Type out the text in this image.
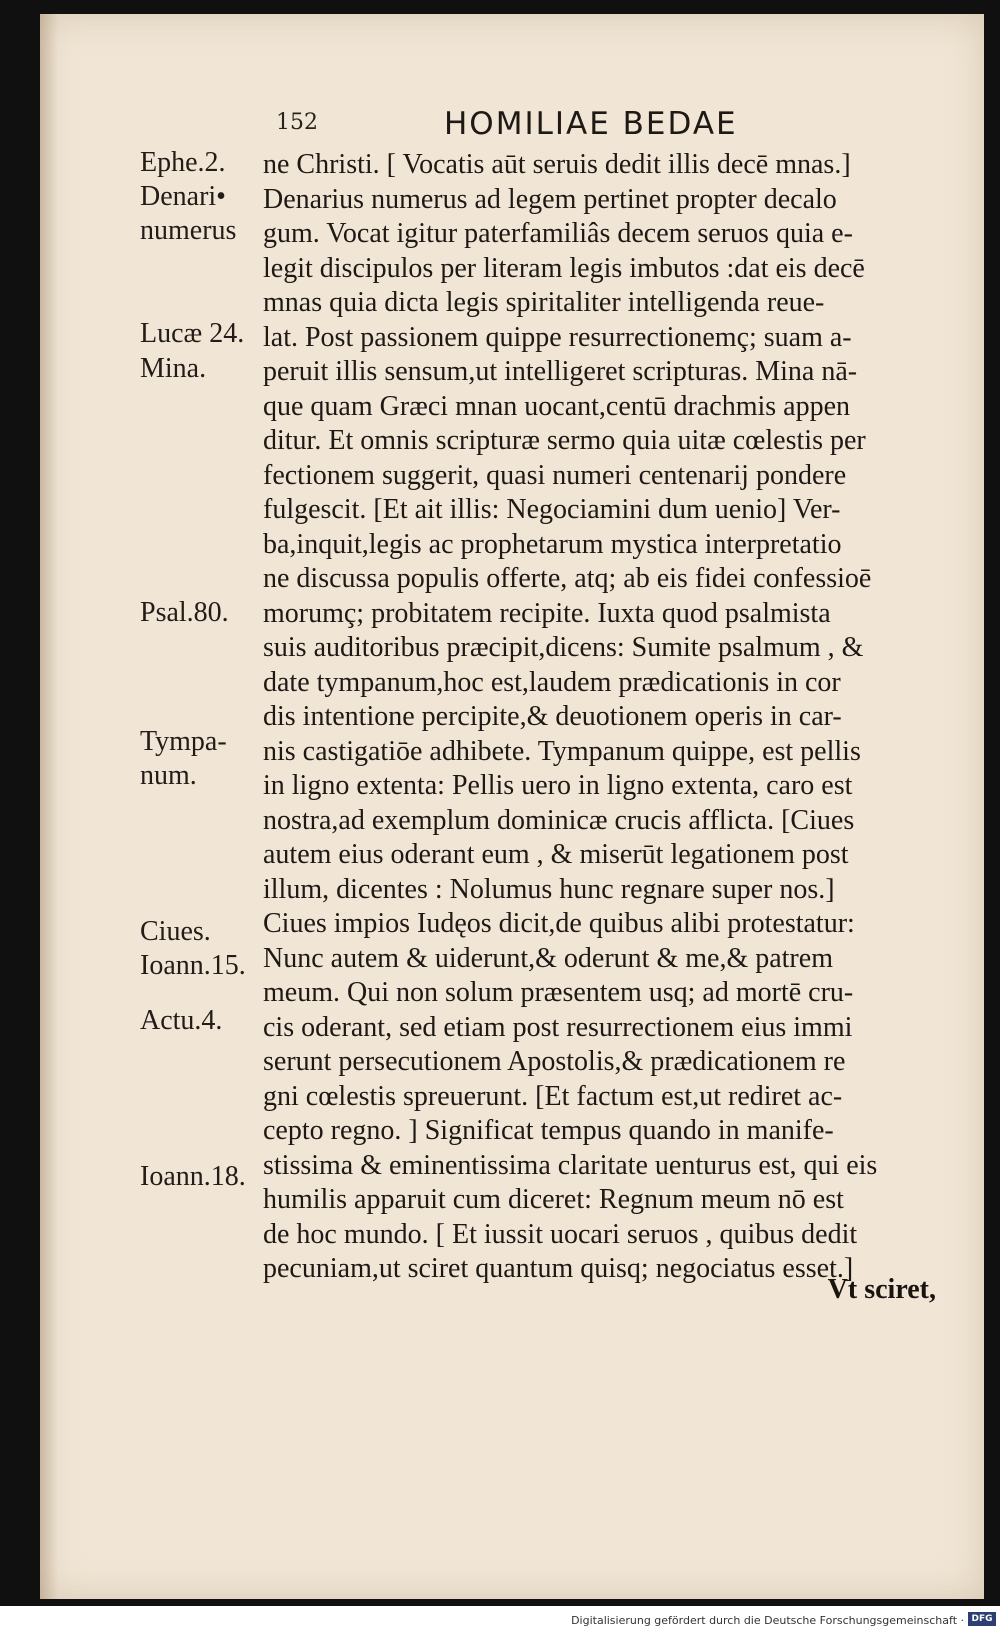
152	HOMILIAE BEDAE
Ephe.2.
Denari•
numerus
Lucæ 24.
Mina.
Psal.80.
Tympa-
num.
Ciues.
Ioann.15.
Actu.4.
Ioann.18.
ne Christi. [ Vocatis aūt seruis dedit illis decē mnas.]
Denarius numerus ad legem pertinet propter decalo
gum. Vocat igitur paterfamiliâs decem seruos quia e-
legit discipulos per literam legis imbutos :dat eis decē
mnas quia dicta legis spiritaliter intelligenda reue-
lat. Post passionem quippe resurrectionemç; suam a-
peruit illis sensum,ut intelligeret scripturas. Mina nā-
que quam Græci mnan uocant,centū drachmis appen
ditur. Et omnis scripturæ sermo quia uitæ cœlestis per
fectionem suggerit, quasi numeri centenarij pondere
fulgescit. [Et ait illis: Negociamini dum uenio] Ver-
ba,inquit,legis ac prophetarum mystica interpretatio
ne discussa populis offerte, atq; ab eis fidei confessioē
morumç; probitatem recipite. Iuxta quod psalmista
suis auditoribus præcipit,dicens: Sumite psalmum , &
date tympanum,hoc est,laudem prædicationis in cor
dis intentione percipite,& deuotionem operis in car-
nis castigatiōe adhibete. Tympanum quippe, est pellis
in ligno extenta: Pellis uero in ligno extenta, caro est
nostra,ad exemplum dominicæ crucis afflicta. [Ciues
autem eius oderant eum , & miserūt legationem post
illum, dicentes : Nolumus hunc regnare super nos.]
Ciues impios Iudęos dicit,de quibus alibi protestatur:
Nunc autem & uiderunt,& oderunt & me,& patrem
meum. Qui non solum præsentem usq; ad mortē cru-
cis oderant, sed etiam post resurrectionem eius immi
serunt persecutionem Apostolis,& prædicationem re
gni cœlestis spreuerunt. [Et factum est,ut rediret ac-
cepto regno. ] Significat tempus quando in manife-
stissima & eminentissima claritate uenturus est, qui eis
humilis apparuit cum diceret: Regnum meum nō est
de hoc mundo. [ Et iussit uocari seruos , quibus dedit
pecuniam,ut sciret quantum quisq; negociatus esset.]
Vt sciret,
Digitalisierung gefördert durch die Deutsche Forschungsgemeinschaft · DFG
